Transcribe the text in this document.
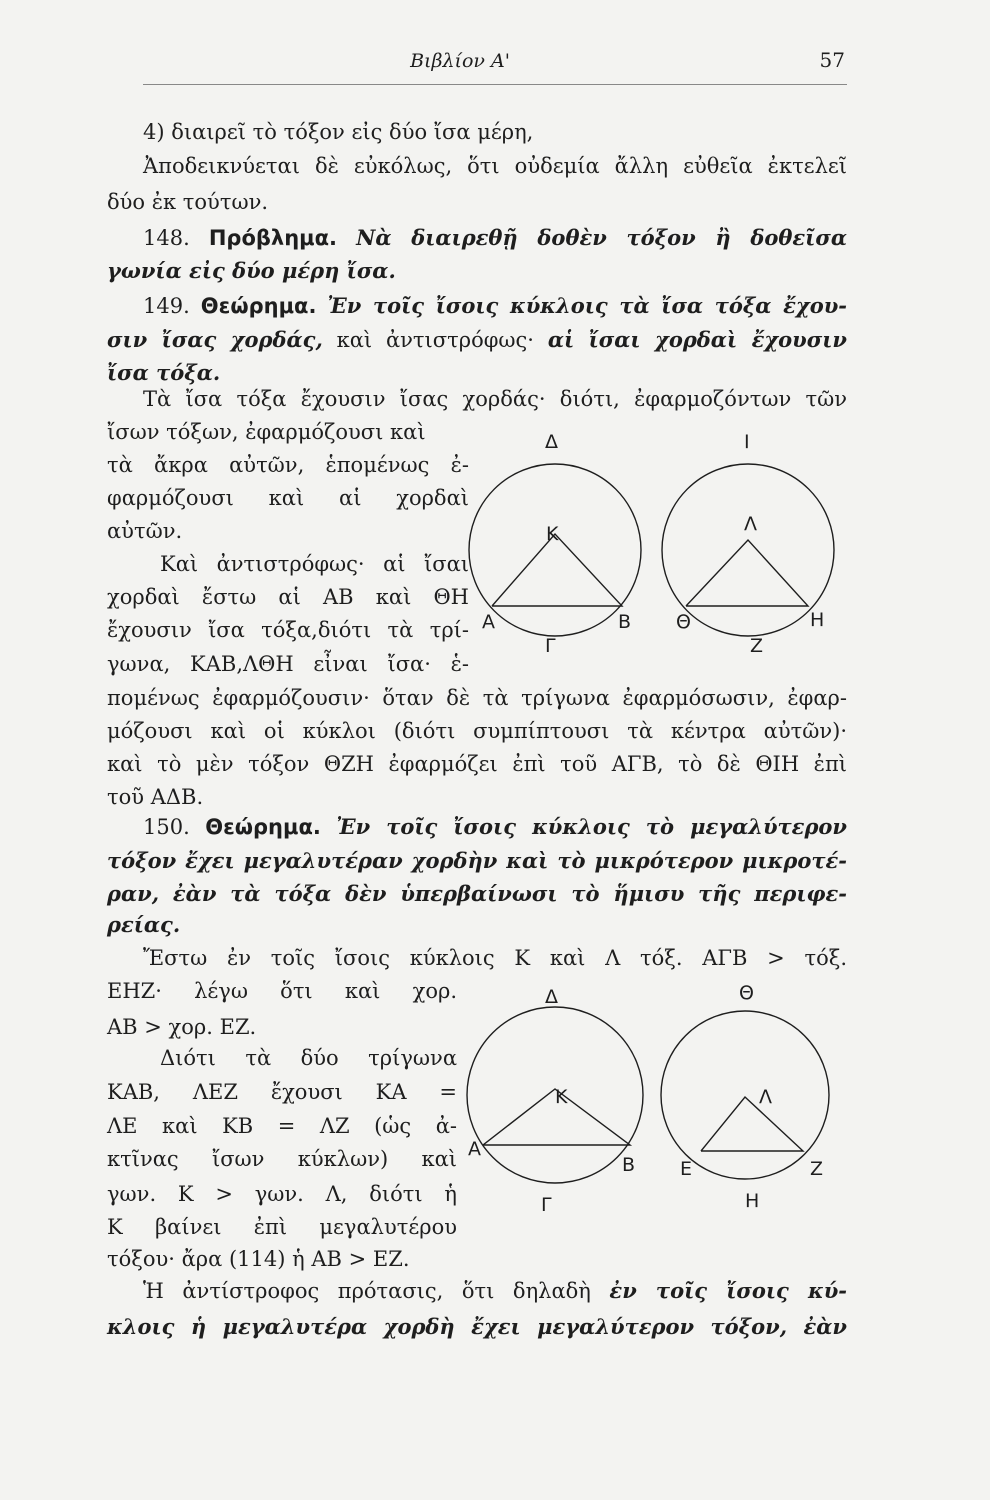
Βιβλίον Α'	57
4) διαιρεῖ τὸ τόξον εἰς δύο ἴσα μέρη,
Ἀποδεικνύεται δὲ εὐκόλως, ὅτι οὐδεμία ἄλλη εὐθεῖα ἐκτελεῖ
δύο ἐκ τούτων.
148. Πρόβλημα. Νὰ διαιρεθῇ δοθὲν τόξον ἢ δοθεῖσα
γωνία εἰς δύο μέρη ἴσα.
149. Θεώρημα. Ἐν τοῖς ἴσοις κύκλοις τὰ ἴσα τόξα ἔχου-
σιν ἴσας χορδάς, καὶ ἀντιστρόφως· αἱ ἴσαι χορδαὶ ἔχουσιν
ἴσα τόξα.
Τὰ ἴσα τόξα ἔχουσιν ἴσας χορδάς· διότι, ἐφαρμοζόντων τῶν
ἴσων τόξων, ἐφαρμόζουσι καὶ
τὰ ἄκρα αὐτῶν, ἑπομένως ἐ-
φαρμόζουσι καὶ αἱ χορδαὶ
αὐτῶν.
Καὶ ἀντιστρόφως· αἱ ἴσαι
χορδαὶ ἔστω αἱ ΑΒ καὶ ΘΗ
ἔχουσιν ἴσα τόξα,διότι τὰ τρί-
γωνα, ΚΑΒ,ΛΘΗ εἶναι ἴσα· ἑ-
πομένως ἐφαρμόζουσιν· ὅταν δὲ τὰ τρίγωνα ἐφαρμόσωσιν, ἐφαρ-
μόζουσι καὶ οἱ κύκλοι (διότι συμπίπτουσι τὰ κέντρα αὐτῶν)·
καὶ τὸ μὲν τόξον ΘΖΗ ἐφαρμόζει ἐπὶ τοῦ ΑΓΒ, τὸ δὲ ΘΙΗ ἐπὶ
τοῦ ΑΔΒ.
150. Θεώρημα. Ἐν τοῖς ἴσοις κύκλοις τὸ μεγαλύτερον
τόξον ἔχει μεγαλυτέραν χορδὴν καὶ τὸ μικρότερον μικροτέ-
ραν, ἐὰν τὰ τόξα δὲν ὑπερβαίνωσι τὸ ἥμισυ τῆς περιφε-
ρείας.
Ἔστω ἐν τοῖς ἴσοις κύκλοις Κ καὶ Λ τόξ. ΑΓΒ > τόξ.
ΕΗΖ· λέγω ὅτι καὶ χορ.
ΑΒ > χορ. ΕΖ.
Διότι τὰ δύο τρίγωνα
ΚΑΒ, ΛΕΖ ἔχουσι ΚΑ =
ΛΕ καὶ ΚΒ = ΛΖ (ὡς ἀ-
κτῖνας ἴσων κύκλων) καὶ
γων. Κ > γων. Λ, διότι ἡ
Κ βαίνει ἐπὶ μεγαλυτέρου
τόξου· ἄρα (114) ἡ ΑΒ > ΕΖ.
Ἡ ἀντίστροφος πρότασις, ὅτι δηλαδὴ ἐν τοῖς ἴσοις κύ-
κλοις ἡ μεγαλυτέρα χορδὴ ἔχει μεγαλύτερον τόξον, ἐὰν
Δ	Ι
Κ	Λ
Α	Β
Γ
Θ	Η
Ζ
Δ	Θ
Κ	Λ
Α
Β
Γ
Ε
Η
Ζ
